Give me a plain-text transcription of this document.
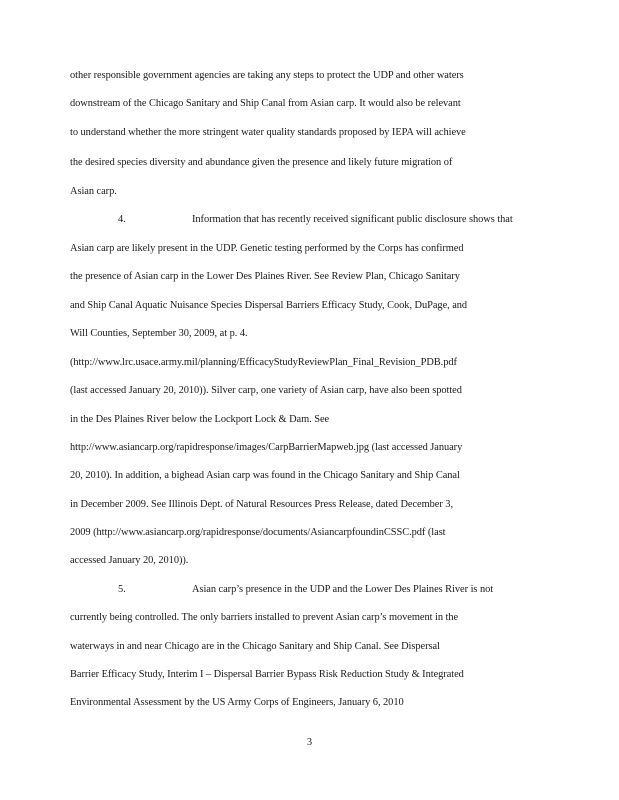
other responsible government agencies are taking any steps to protect the UDP and other waters
downstream of the Chicago Sanitary and Ship Canal from Asian carp. It would also be relevant
to understand whether the more stringent water quality standards proposed by IEPA will achieve
the desired species diversity and abundance given the presence and likely future migration of
Asian carp.
4.	Information that has recently received significant public disclosure shows that
Asian carp are likely present in the UDP. Genetic testing performed by the Corps has confirmed
the presence of Asian carp in the Lower Des Plaines River. See Review Plan, Chicago Sanitary
and Ship Canal Aquatic Nuisance Species Dispersal Barriers Efficacy Study, Cook, DuPage, and
Will Counties, September 30, 2009, at p. 4.
(http://www.lrc.usace.army.mil/planning/EfficacyStudyReviewPlan_Final_Revision_PDB.pdf
(last accessed January 20, 2010)). Silver carp, one variety of Asian carp, have also been spotted
in the Des Plaines River below the Lockport Lock & Dam. See
http://www.asiancarp.org/rapidresponse/images/CarpBarrierMapweb.jpg (last accessed January
20, 2010). In addition, a bighead Asian carp was found in the Chicago Sanitary and Ship Canal
in December 2009. See Illinois Dept. of Natural Resources Press Release, dated December 3,
2009 (http://www.asiancarp.org/rapidresponse/documents/AsiancarpfoundinCSSC.pdf (last
accessed January 20, 2010)).
5.	Asian carp’s presence in the UDP and the Lower Des Plaines River is not
currently being controlled. The only barriers installed to prevent Asian carp’s movement in the
waterways in and near Chicago are in the Chicago Sanitary and Ship Canal. See Dispersal
Barrier Efficacy Study, Interim I – Dispersal Barrier Bypass Risk Reduction Study & Integrated
Environmental Assessment by the US Army Corps of Engineers, January 6, 2010
3
